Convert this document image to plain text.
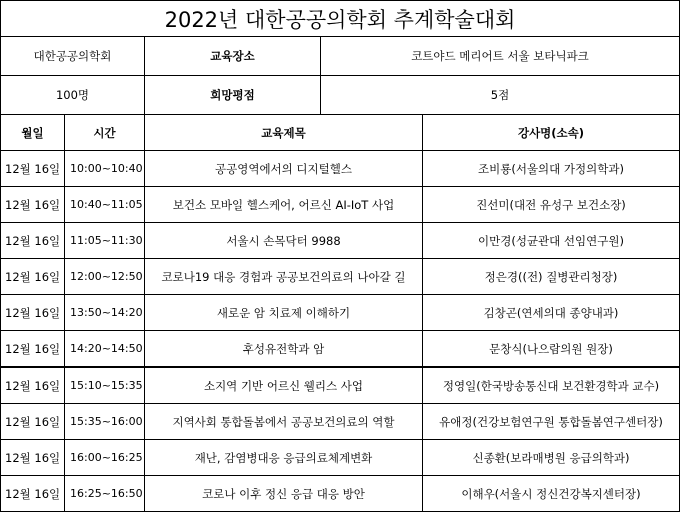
2022년 대한공공의학회 추계학술대회				
대한공공의학회		교육장소	코트야드 메리어트 서울 보타닉파크	
100명		희망평점	5점	
월일	시간	교육제목		강사명(소속)
12월 16일	10:00~10:40	공공영역에서의 디지털헬스		조비룡(서울의대 가정의학과)
12월 16일	10:40~11:05	보건소 모바일 헬스케어, 어르신 AI-IoT 사업		진선미(대전 유성구 보건소장)
12월 16일	11:05~11:30	서울시 손목닥터 9988		이만경(성균관대 선임연구원)
12월 16일	12:00~12:50	코로나19 대응 경험과 공공보건의료의 나아갈 길		정은경((전) 질병관리청장)
12월 16일	13:50~14:20	새로운 암 치료제 이해하기		김창곤(연세의대 종양내과)
12월 16일	14:20~14:50	후성유전학과 암		문창식(나으람의원 원장)
12월 16일	15:10~15:35	소지역 기반 어르신 웰리스 사업		정영일(한국방송통신대 보건환경학과 교수)
12월 16일	15:35~16:00	지역사회 통합돌봄에서 공공보건의료의 역할		유애정(건강보험연구원 통합돌봄연구센터장)
12월 16일	16:00~16:25	재난, 감염병대응 응급의료체계변화		신종환(보라매병원 응급의학과)
12월 16일	16:25~16:50	코로나 이후 정신 응급 대응 방안		이해우(서울시 정신건강복지센터장)
